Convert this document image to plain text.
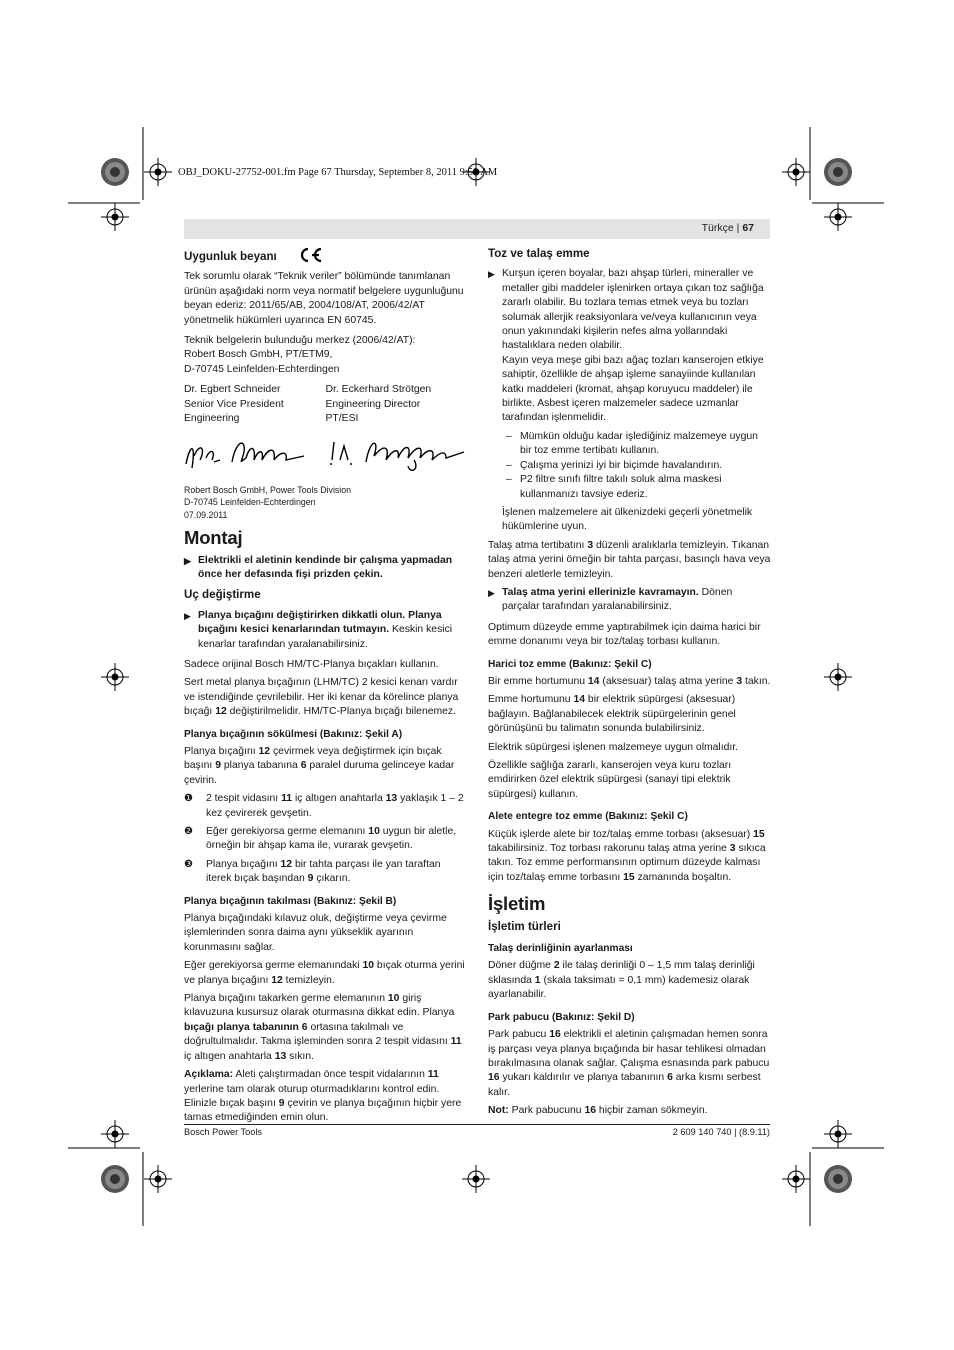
OBJ_DOKU-27752-001.fm Page 67 Thursday, September 8, 2011 9:58 AM
Türkçe | 67
Uygunluk beyanı

Tek sorumlu olarak “Teknik veriler” bölümünde tanımlanan ürünün aşağıdaki norm veya normatif belgelere uygunluğunu beyan ederiz: 2011/65/AB, 2004/108/AT, 2006/42/AT yönetmelik hükümleri uyarınca EN 60745.

Teknik belgelerin bulunduğu merkez (2006/42/AT):
Robert Bosch GmbH, PT/ETM9,
D-70745 Leinfelden-Echterdingen

Dr. Egbert Schneider
Senior Vice President
Engineering
Dr. Eckerhard Strötgen
Engineering Director
PT/ESI

Robert Bosch GmbH, Power Tools Division
D-70745 Leinfelden-Echterdingen
07.09.2011

Montaj
▶ Elektrikli el aletinin kendinde bir çalışma yapmadan önce her defasında fişi prizden çekin.
Uç değiştirme
▶ Planya bıçağını değiştirirken dikkatli olun. Planya bıçağını kesici kenarlarından tutmayın. Keskin kesici kenarlar tarafından yaralanabilirsiniz.

Sadece orijinal Bosch HM/TC-Planya bıçakları kullanın.

Sert metal planya bıçağının (LHM/TC) 2 kesici kenarı vardır ve istendiğinde çevrilebilir. Her iki kenar da körelince planya bıçağı 12 değiştirilmelidir. HM/TC-Planya bıçağı bilenemez.

Planya bıçağının sökülmesi (Bakınız: Şekil A)

Planya bıçağını 12 çevirmek veya değiştirmek için bıçak başını 9 planya tabanına 6 paralel duruma gelinceye kadar çevirin.

❶ 2 tespit vidasını 11 iç altıgen anahtarla 13 yaklaşık 1 – 2 kez çevirerek gevşetin.
❷ Eğer gerekiyorsa germe elemanını 10 uygun bir aletle, örneğin bir ahşap kama ile, vurarak gevşetin.
❸ Planya bıçağını 12 bir tahta parçası ile yan taraftan iterek bıçak başından 9 çıkarın.
Planya bıçağının takılması (Bakınız: Şekil B)

Planya bıçağındaki kılavuz oluk, değiştirme veya çevirme işlemlerinden sonra daima aynı yükseklik ayarının korunmasını sağlar.

Eğer gerekiyorsa germe elemanındaki 10 bıçak oturma yerini ve planya bıçağını 12 temizleyin.

Planya bıçağını takarken germe elemanının 10 giriş kılavuzuna kusursuz olarak oturmasına dikkat edin. Planya bıçağı planya tabanının 6 ortasına takılmalı ve doğrultulmalıdır. Takma işleminden sonra 2 tespit vidasını 11 iç altıgen anahtarla 13 sıkın.

Açıklama: Aleti çalıştırmadan önce tespit vidalarının 11 yerlerine tam olarak oturup oturmadıklarını kontrol edin. Elinizle bıçak başını 9 çevirin ve planya bıçağının hiçbir yere tamas etmediğinden emin olun.

Toz ve talaş emme
▶ Kurşun içeren boyalar, bazı ahşap türleri, mineraller ve metaller gibi maddeler işlenirken ortaya çıkan toz sağlığa zararlı olabilir. Bu tozlara temas etmek veya bu tozları solumak allerjik reaksiyonlara ve/veya kullanıcının veya onun yakınındaki kişilerin nefes alma yollarındaki hastalıklara neden olabilir.

Kayın veya meşe gibi bazı ağaç tozları kanserojen etkiye sahiptir, özellikle de ahşap işleme sanayiinde kullanılan katkı maddeleri (kromat, ahşap koruyucu maddeler) ile birlikte. Asbest içeren malzemeler sadece uzmanlar tarafından işlenmelidir.

– Mümkün olduğu kadar işlediğiniz malzemeye uygun bir toz emme tertibatı kullanın.
– Çalışma yerinizi iyi bir biçimde havalandırın.
– P2 filtre sınıfı filtre takılı soluk alma maskesi kullanmanızı tavsiye ederiz.

İşlenen malzemelere ait ülkenizdeki geçerli yönetmelik hükümlerine uyun.

Talaş atma tertibatını 3 düzenli aralıklarla temizleyin. Tıkanan talaş atma yerini örneğin bir tahta parçası, basınçlı hava veya benzeri aletlerle temizleyin.

▶ Talaş atma yerini ellerinizle kavramayın. Dönen parçalar tarafından yaralanabilirsiniz.

Optimum düzeyde emme yaptırabilmek için daima harici bir emme donanımı veya bir toz/talaş torbası kullanın.

Harici toz emme (Bakınız: Şekil C)

Bir emme hortumunu 14 (aksesuar) talaş atma yerine 3 takın.

Emme hortumunu 14 bir elektrik süpürgesi (aksesuar) bağlayın. Bağlanabilecek elektrik süpürgelerinin genel görünüşünü bu talimatın sonunda bulabilirsiniz.

Elektrik süpürgesi işlenen malzemeye uygun olmalıdır.

Özellikle sağlığa zararlı, kanserojen veya kuru tozları emdirirken özel elektrik süpürgesi (sanayi tipi elektrik süpürgesi) kullanın.

Alete entegre toz emme (Bakınız: Şekil C)

Küçük işlerde alete bir toz/talaş emme torbası (aksesuar) 15 takabilirsiniz. Toz torbası rakorunu talaş atma yerine 3 sıkıca takın. Toz emme performansının optimum düzeyde kalması için toz/talaş emme torbasını 15 zamanında boşaltın.

İşletim
İşletim türleri
Talaş derinliğinin ayarlanması

Döner düğme 2 ile talaş derinliği 0 – 1,5 mm talaş derinliği sklasında 1 (skala taksimatı = 0,1 mm) kademesiz olarak ayarlanabilir.

Park pabucu (Bakınız: Şekil D)

Park pabucu 16 elektrikli el aletinin çalışmadan hemen sonra iş parçası veya planya bıçağında bir hasar tehlikesi olmadan bırakılmasına olanak sağlar. Çalışma esnasında park pabucu 16 yukarı kaldırılır ve planya tabanının 6 arka kısmı serbest kalır.

Not: Park pabucunu 16 hiçbir zaman sökmeyin.

Bosch Power Tools	2 609 140 740 | (8.9.11)
